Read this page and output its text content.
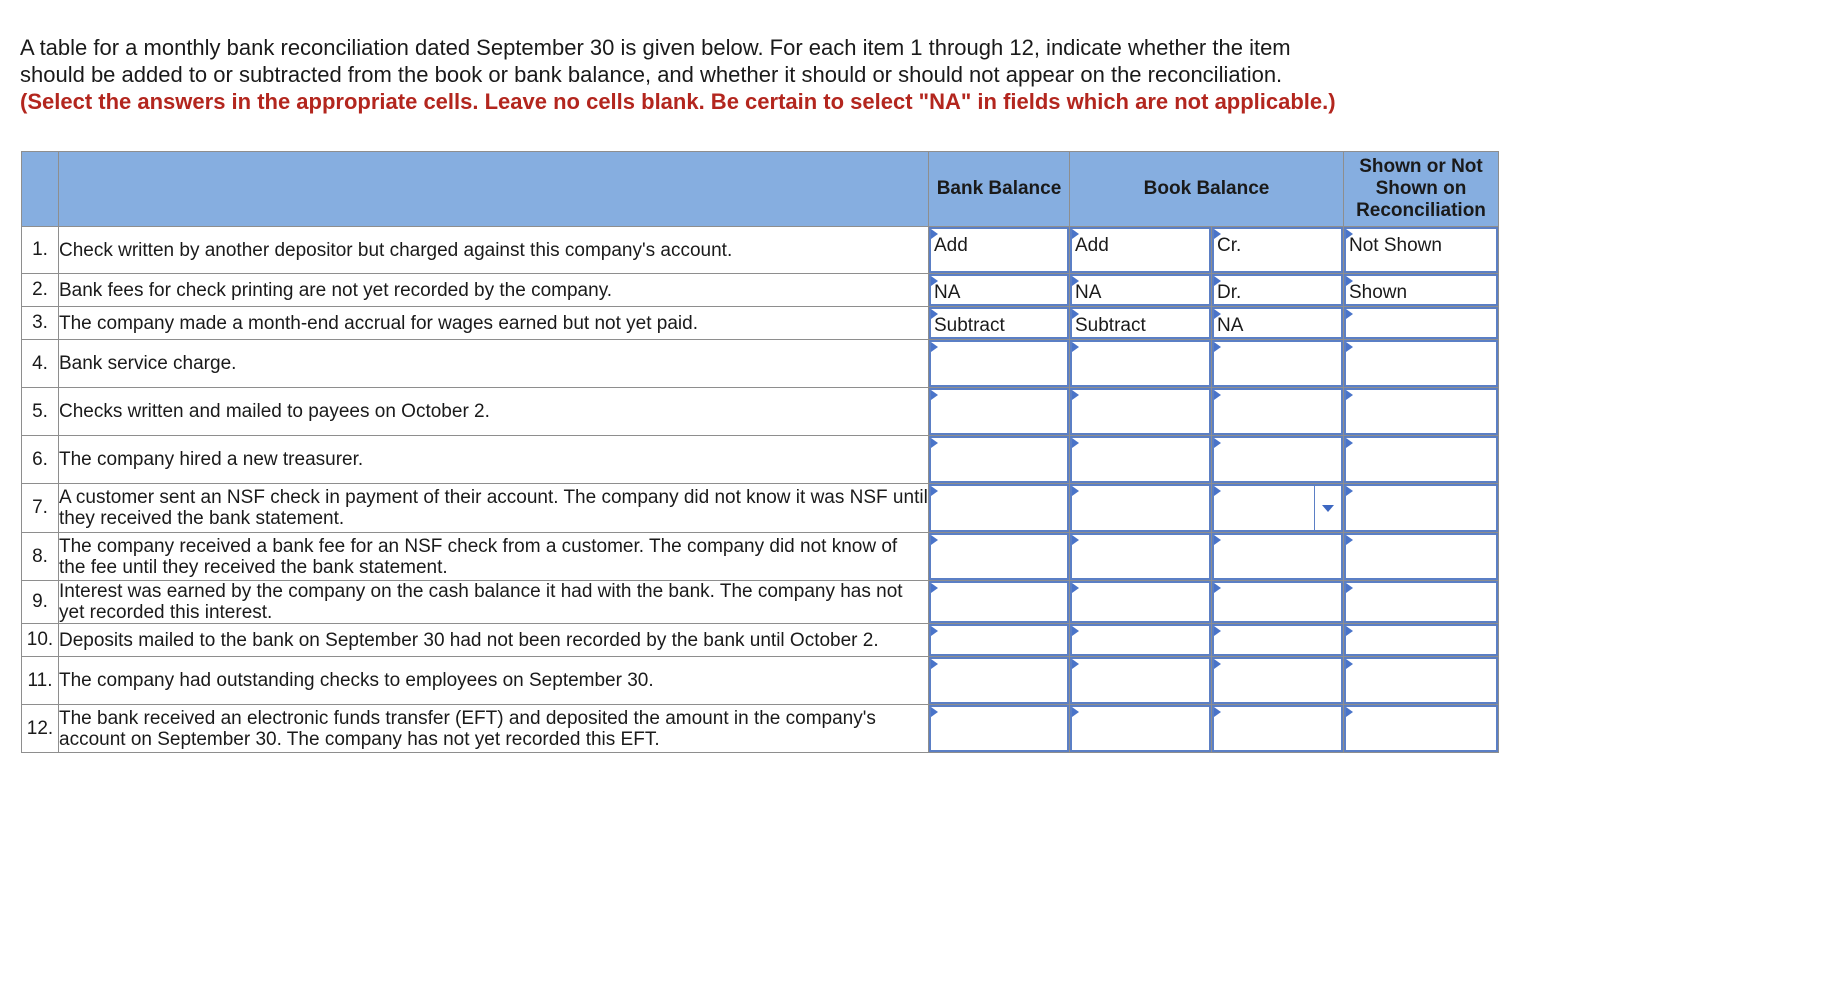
A table for a monthly bank reconciliation dated September 30 is given below. For each item 1 through 12, indicate whether the item
should be added to or subtracted from the book or bank balance, and whether it should or should not appear on the reconciliation.
(Select the answers in the appropriate cells. Leave no cells blank. Be certain to select "NA" in fields which are not applicable.)
		Bank Balance	Book Balance		Shown or Not Shown on Reconciliation
1.	Check written by another depositor but charged against this company's account.	Add	Add	Cr.	Not Shown

2.	Bank fees for check printing are not yet recorded by the company.	NA	NA	Dr.	Shown

3.	The company made a month-end accrual for wages earned but not yet paid.	Subtract	Subtract	NA	

4.	Bank service charge.	

5.	Checks written and mailed to payees on October 2.	

6.	The company hired a new treasurer.	

7.	A customer sent an NSF check in payment of their account. The company did not know it was NSF until they received the bank statement.	

8.	The company received a bank fee for an NSF check from a customer. The company did not know of the fee until they received the bank statement.	

9.	Interest was earned by the company on the cash balance it had with the bank. The company has not yet recorded this interest.	

10.	Deposits mailed to the bank on September 30 had not been recorded by the bank until October 2.	

11.	The company had outstanding checks to employees on September 30.	

12.	The bank received an electronic funds transfer (EFT) and deposited the amount in the company's account on September 30. The company has not yet recorded this EFT.	
